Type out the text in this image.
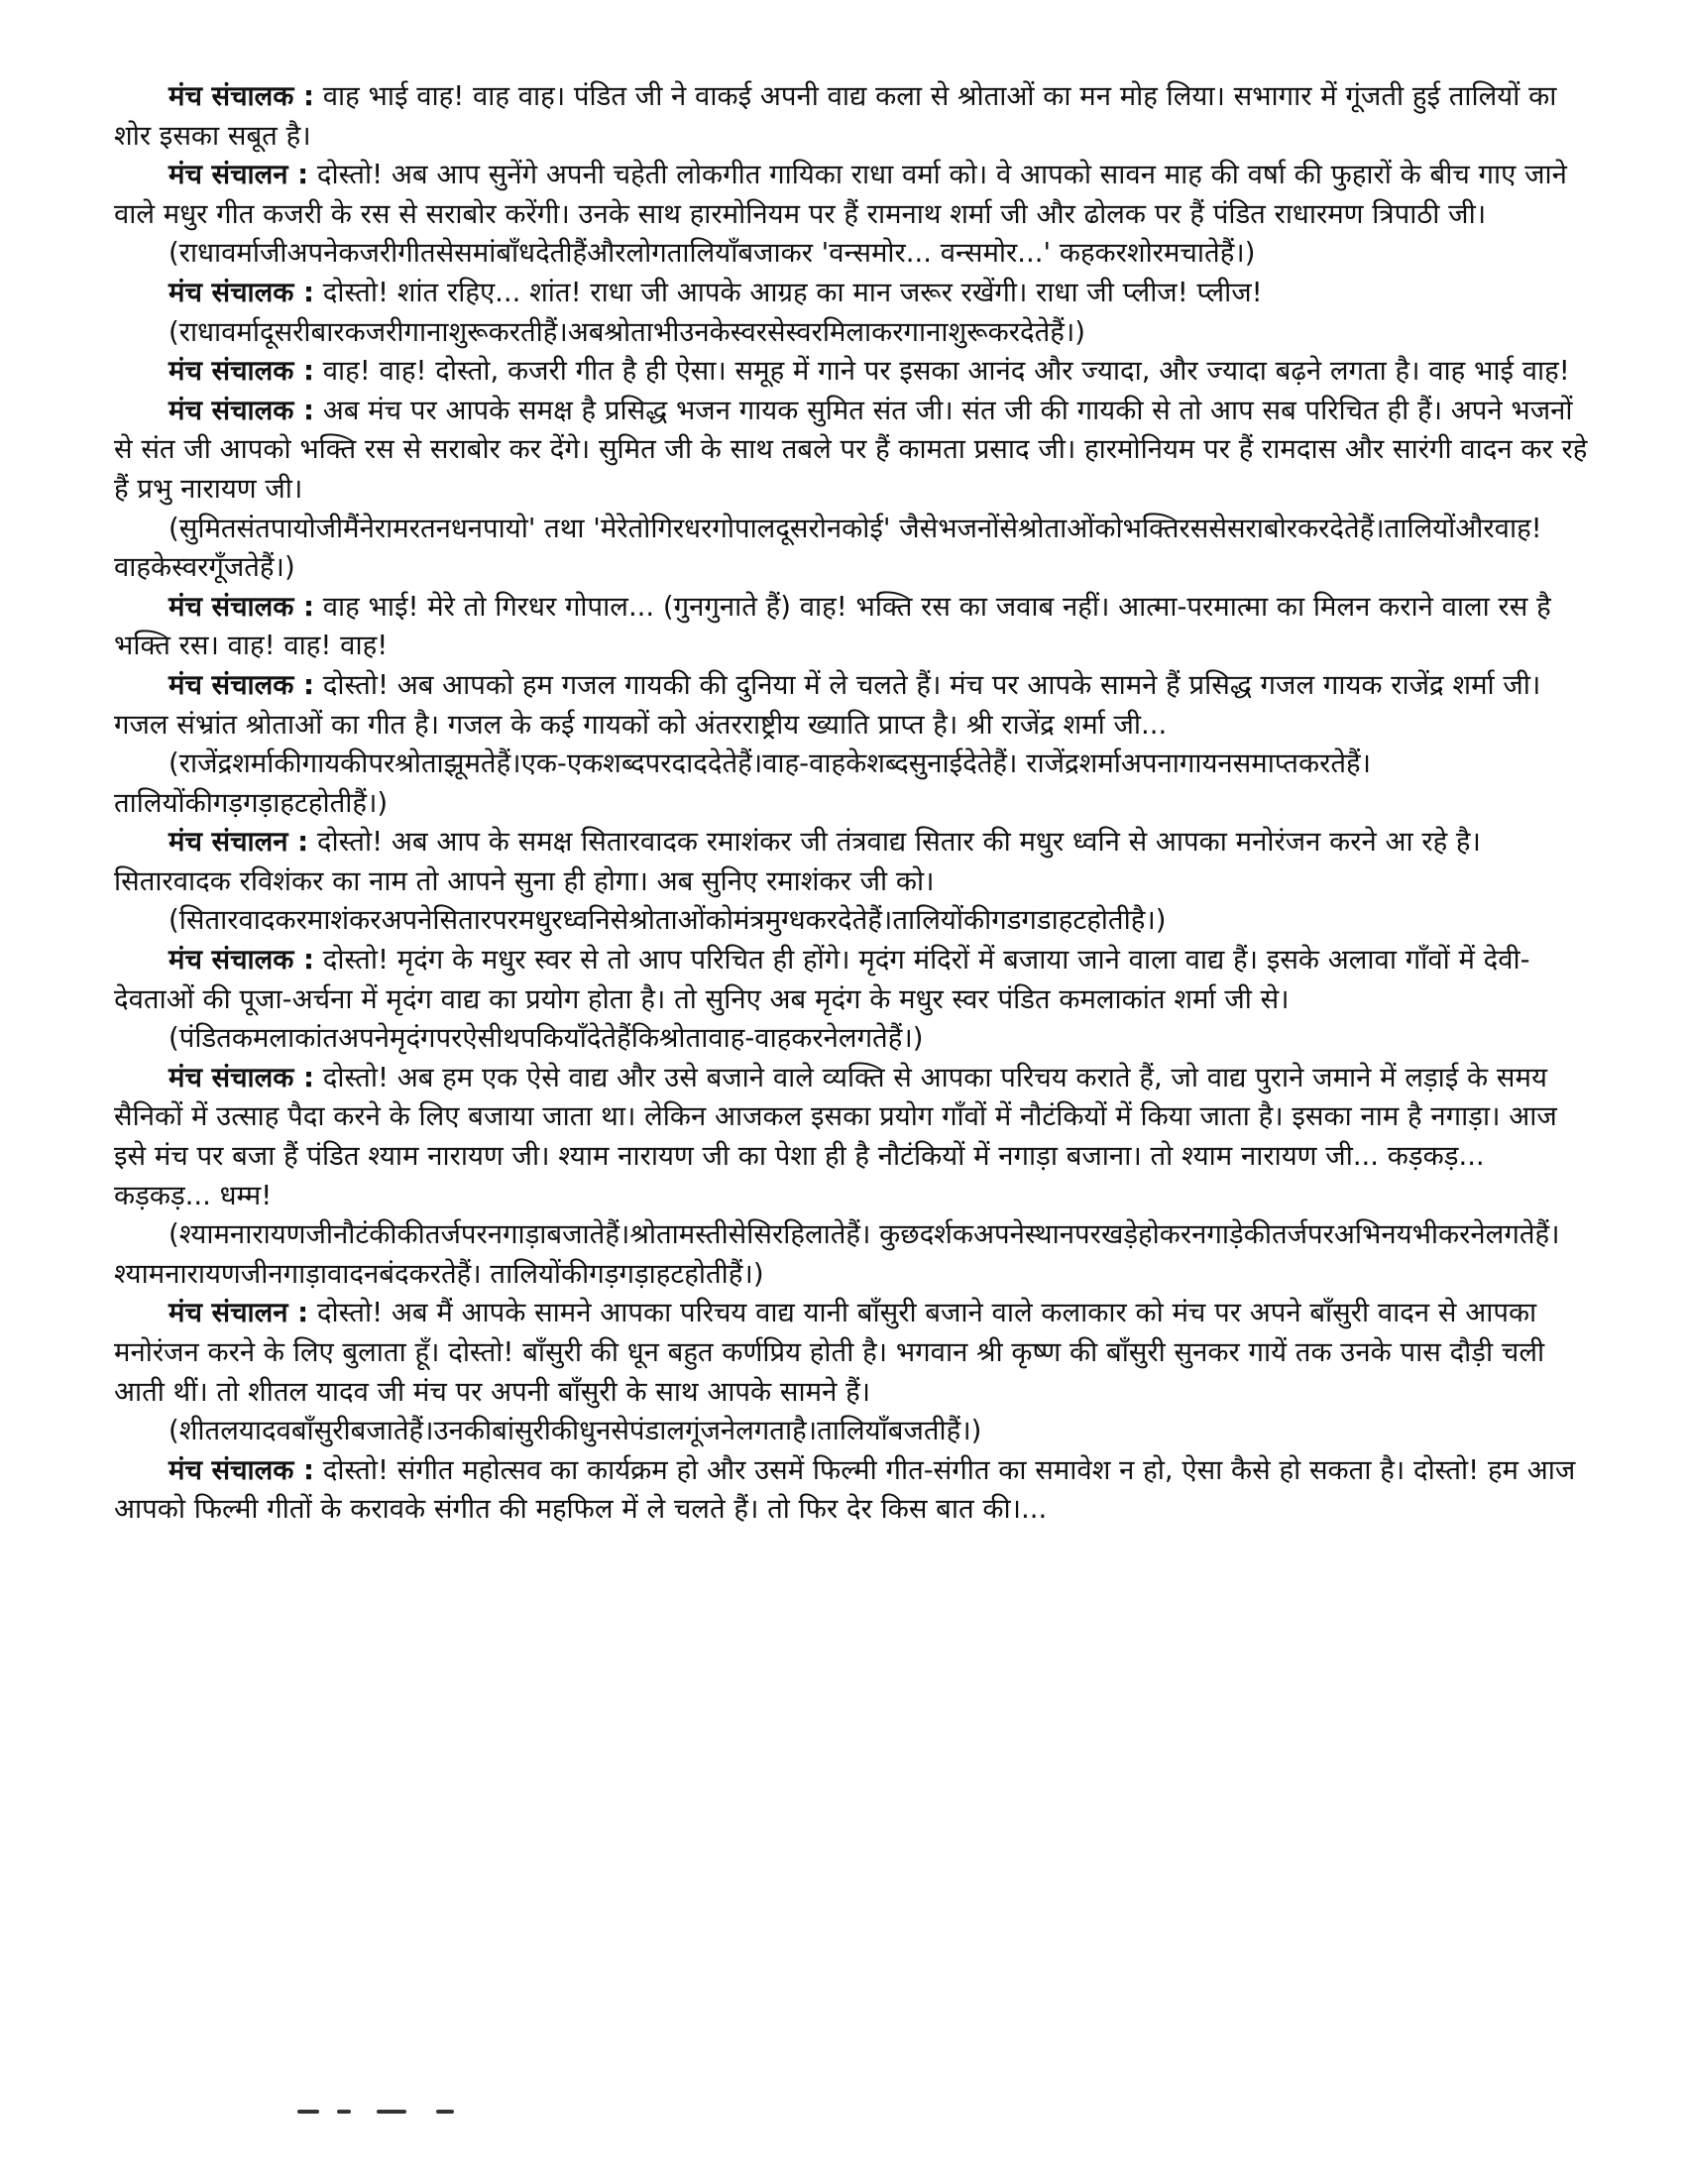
मंच संचालक : वाह भाई वाह! वाह वाह। पंडित जी ने वाकई अपनी वाद्य कला से श्रोताओं का मन मोह लिया। सभागार में गूंजती हुई तालियों का शोर इसका सबूत है।

मंच संचालन : दोस्तो! अब आप सुनेंगे अपनी चहेती लोकगीत गायिका राधा वर्मा को। वे आपको सावन माह की वर्षा की फुहारों के बीच गाए जाने वाले मधुर गीत कजरी के रस से सराबोर करेंगी। उनके साथ हारमोनियम पर हैं रामनाथ शर्मा जी और ढोलक पर हैं पंडित राधारमण त्रिपाठी जी।

(राधावर्माजीअपनेकजरीगीतसेसमांबाँधदेतीहैंऔरलोगतालियाँबजाकर 'वन्समोर... वन्समोर...' कहकरशोरमचातेहैं।)

मंच संचालक : दोस्तो! शांत रहिए... शांत! राधा जी आपके आग्रह का मान जरूर रखेंगी। राधा जी प्लीज! प्लीज!

(राधावर्मादूसरीबारकजरीगानाशुरूकरतीहैं।अबश्रोताभीउनकेस्वरसेस्वरमिलाकरगानाशुरूकरदेतेहैं।)

मंच संचालक : वाह! वाह! दोस्तो, कजरी गीत है ही ऐसा। समूह में गाने पर इसका आनंद और ज्यादा, और ज्यादा बढ़ने लगता है। वाह भाई वाह!

मंच संचालक : अब मंच पर आपके समक्ष है प्रसिद्ध भजन गायक सुमित संत जी। संत जी की गायकी से तो आप सब परिचित ही हैं। अपने भजनों से संत जी आपको भक्ति रस से सराबोर कर देंगे। सुमित जी के साथ तबले पर हैं कामता प्रसाद जी। हारमोनियम पर हैं रामदास और सारंगी वादन कर रहे हैं प्रभु नारायण जी।

(सुमितसंतपायोजीमैंनेरामरतनधनपायो' तथा 'मेरेतोगिरधरगोपालदूसरोनकोई' जैसेभजनोंसेश्रोताओंकोभक्तिरससेसराबोरकरदेतेहैं।तालियोंऔरवाह! वाहकेस्वरगूँजतेहैं।)

मंच संचालक : वाह भाई! मेरे तो गिरधर गोपाल... (गुनगुनाते हैं) वाह! भक्ति रस का जवाब नहीं। आत्मा-परमात्मा का मिलन कराने वाला रस है भक्ति रस। वाह! वाह! वाह!

मंच संचालक : दोस्तो! अब आपको हम गजल गायकी की दुनिया में ले चलते हैं। मंच पर आपके सामने हैं प्रसिद्ध गजल गायक राजेंद्र शर्मा जी। गजल संभ्रांत श्रोताओं का गीत है। गजल के कई गायकों को अंतरराष्ट्रीय ख्याति प्राप्त है। श्री राजेंद्र शर्मा जी...

(राजेंद्रशर्माकीगायकीपरश्रोताझूमतेहैं।एक-एकशब्दपरदाददेतेहैं।वाह-वाहकेशब्दसुनाईदेतेहैं। राजेंद्रशर्माअपनागायनसमाप्तकरतेहैं।तालियोंकीगड़गड़ाहटहोतीहैं।)

मंच संचालन : दोस्तो! अब आप के समक्ष सितारवादक रमाशंकर जी तंत्रवाद्य सितार की मधुर ध्वनि से आपका मनोरंजन करने आ रहे है। सितारवादक रविशंकर का नाम तो आपने सुना ही होगा। अब सुनिए रमाशंकर जी को।

(सितारवादकरमाशंकरअपनेसितारपरमधुरध्वनिसेश्रोताओंकोमंत्रमुग्धकरदेतेहैं।तालियोंकीगडगडाहटहोतीहै।)

मंच संचालक : दोस्तो! मृदंग के मधुर स्वर से तो आप परिचित ही होंगे। मृदंग मंदिरों में बजाया जाने वाला वाद्य हैं। इसके अलावा गाँवों में देवी-देवताओं की पूजा-अर्चना में मृदंग वाद्य का प्रयोग होता है। तो सुनिए अब मृदंग के मधुर स्वर पंडित कमलाकांत शर्मा जी से।

(पंडितकमलाकांतअपनेमृदंगपरऐसीथपकियाँदेतेहैंकिश्रोतावाह-वाहकरनेलगतेहैं।)

मंच संचालक : दोस्तो! अब हम एक ऐसे वाद्य और उसे बजाने वाले व्यक्ति से आपका परिचय कराते हैं, जो वाद्य पुराने जमाने में लड़ाई के समय सैनिकों में उत्साह पैदा करने के लिए बजाया जाता था। लेकिन आजकल इसका प्रयोग गाँवों में नौटंकियों में किया जाता है। इसका नाम है नगाड़ा। आज इसे मंच पर बजा हैं पंडित श्याम नारायण जी। श्याम नारायण जी का पेशा ही है नौटंकियों में नगाड़ा बजाना। तो श्याम नारायण जी... कड़कड़... कड़कड़... धम्म!

(श्यामनारायणजीनौटंकीकीतर्जपरनगाड़ाबजातेहैं।श्रोतामस्तीसेसिरहिलातेहैं। कुछदर्शकअपनेस्थानपरखड़ेहोकरनगाड़ेकीतर्जपरअभिनयभीकरनेलगतेहैं।श्यामनारायणजीनगाड़ावादनबंदकरतेहैं। तालियोंकीगड़गड़ाहटहोतीहैं।)

मंच संचालन : दोस्तो! अब मैं आपके सामने आपका परिचय वाद्य यानी बाँसुरी बजाने वाले कलाकार को मंच पर अपने बाँसुरी वादन से आपका मनोरंजन करने के लिए बुलाता हूँ। दोस्तो! बाँसुरी की धून बहुत कर्णप्रिय होती है। भगवान श्री कृष्ण की बाँसुरी सुनकर गायें तक उनके पास दौड़ी चली आती थीं। तो शीतल यादव जी मंच पर अपनी बाँसुरी के साथ आपके सामने हैं।

(शीतलयादवबाँसुरीबजातेहैं।उनकीबांसुरीकीधुनसेपंडालगूंजनेलगताहै।तालियाँबजतीहैं।)

मंच संचालक : दोस्तो! संगीत महोत्सव का कार्यक्रम हो और उसमें फिल्मी गीत-संगीत का समावेश न हो, ऐसा कैसे हो सकता है। दोस्तो! हम आज आपको फिल्मी गीतों के करावके संगीत की महफिल में ले चलते हैं। तो फिर देर किस बात की।...
